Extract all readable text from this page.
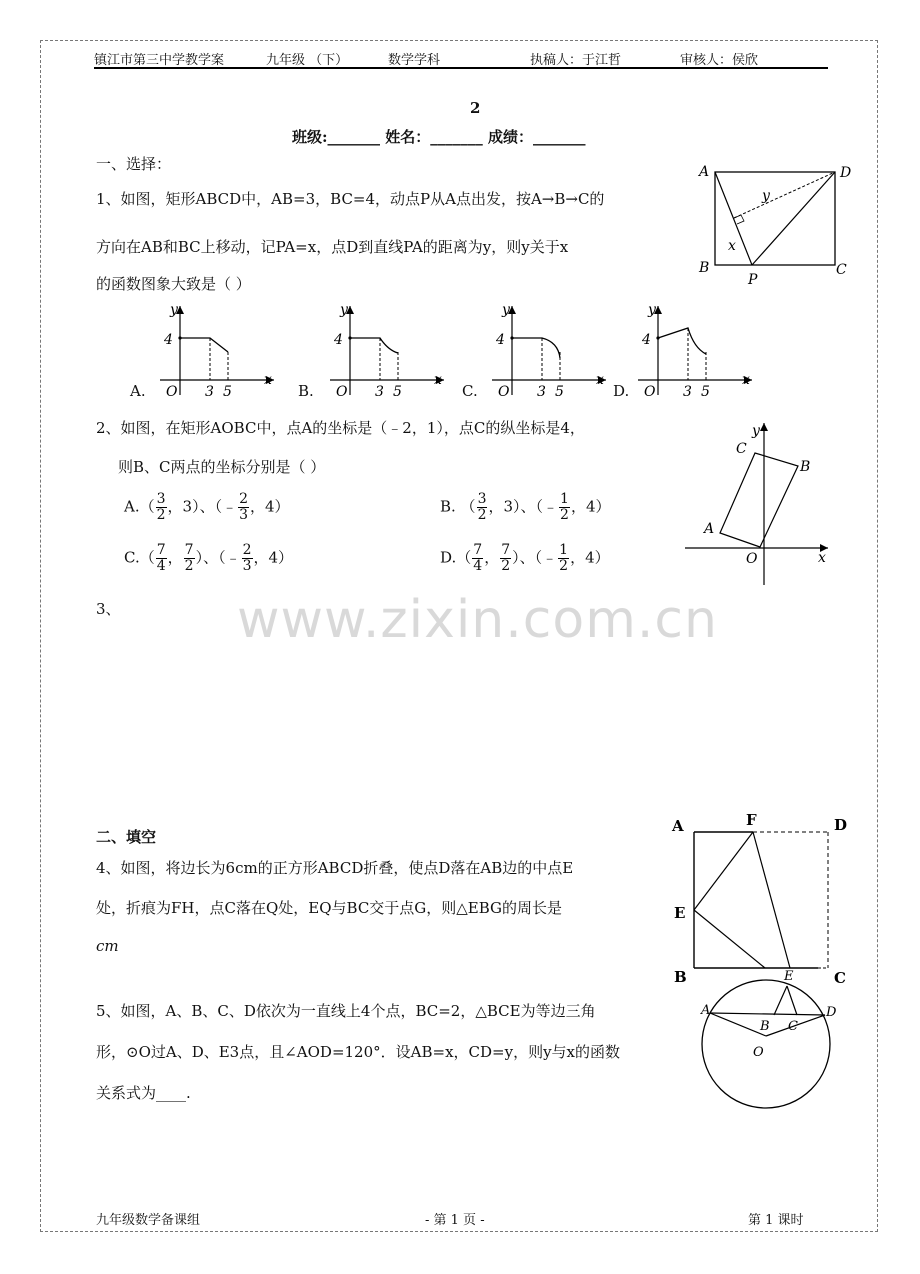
镇江市第三中学教学案	九年级 （下）	数学学科	执稿人：于江哲	审核人：侯欣
2
班级:_______ 姓名：_______ 成绩：_______
一、选择：
1、如图，矩形ABCD中，AB=3，BC=4，动点P从A点出发，按A→B→C的
方向在AB和BC上移动，记PA=x，点D到直线PA的距离为y，则y关于x
的函数图象大致是（ ）
A	D
B	C
P
x
y
A.	B.	C.	D.
y
4
O 3 5
x
y
4
O 3 5
x
y
4
O 3 5
x
y
4
O 3 5
x
2、如图，在矩形AOBC中，点A的坐标是（﹣2，1），点C的纵坐标是4，
则B、C两点的坐标分别是（ ）
$A.( \frac{3}{2}$ ，3）、（﹣ $\frac{2}{3}$ ，4）	B. （ $\frac{3}{2}$ ，3）、（﹣ $\frac{1}{2}$ ，4）
$C.( \frac{7}{4}$ ， $\frac{7}{2}$ ）、（﹣ $\frac{2}{3}$ ，4）	$D.( \frac{7}{4}$ ， $\frac{7}{2}$ ）、（﹣ $\frac{1}{2}$ ，4）
y
x
C
B
A
O
3、 www.zixin.com.cn
二、填空
4、如图，将边长为6cm的正方形ABCD折叠，使点D落在AB边的中点E
处，折痕为FH，点C落在Q处，EQ与BC交于点G，则△EBG的周长是
cm
A	F	D
E
B	C
5、如图，A、B、C、D依次为一直线上4个点，BC=2，△BCE为等边三角
形，⊙O过A、D、E3点，且∠AOD=120°．设AB=x，CD=y，则y与x的函数
关系式为____.
A
B C
D
E
O
九年级数学备课组	- 第 1 页 -	第 1 课时
